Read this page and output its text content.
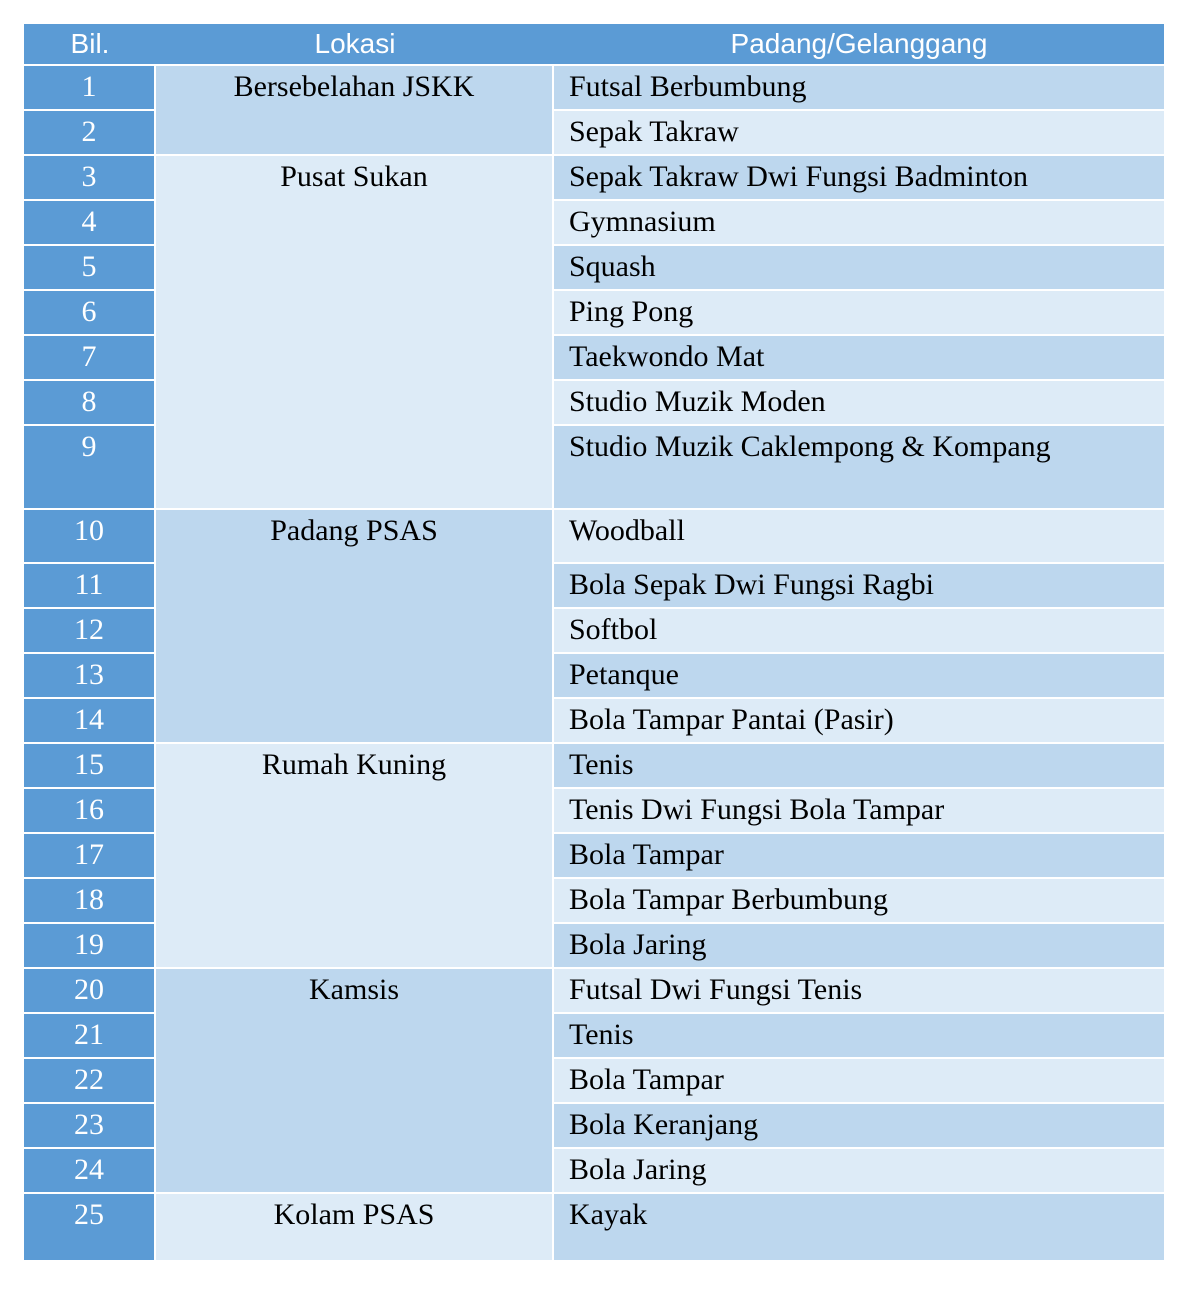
Bil.	Lokasi	Padang/Gelanggang
1	Bersebelahan JSKK	Futsal Berbumbung
2		Sepak Takraw
3	Pusat Sukan	Sepak Takraw Dwi Fungsi Badminton
4		Gymnasium
5		Squash
6		Ping Pong
7		Taekwondo Mat
8		Studio Muzik Moden
9		Studio Muzik Caklempong & Kompang
10	Padang PSAS	Woodball
11		Bola Sepak Dwi Fungsi Ragbi
12		Softbol
13		Petanque
14		Bola Tampar Pantai (Pasir)
15	Rumah Kuning	Tenis
16		Tenis Dwi Fungsi Bola Tampar
17		Bola Tampar
18		Bola Tampar Berbumbung
19		Bola Jaring
20	Kamsis	Futsal Dwi Fungsi Tenis
21		Tenis
22		Bola Tampar
23		Bola Keranjang
24		Bola Jaring
25	Kolam PSAS	Kayak
